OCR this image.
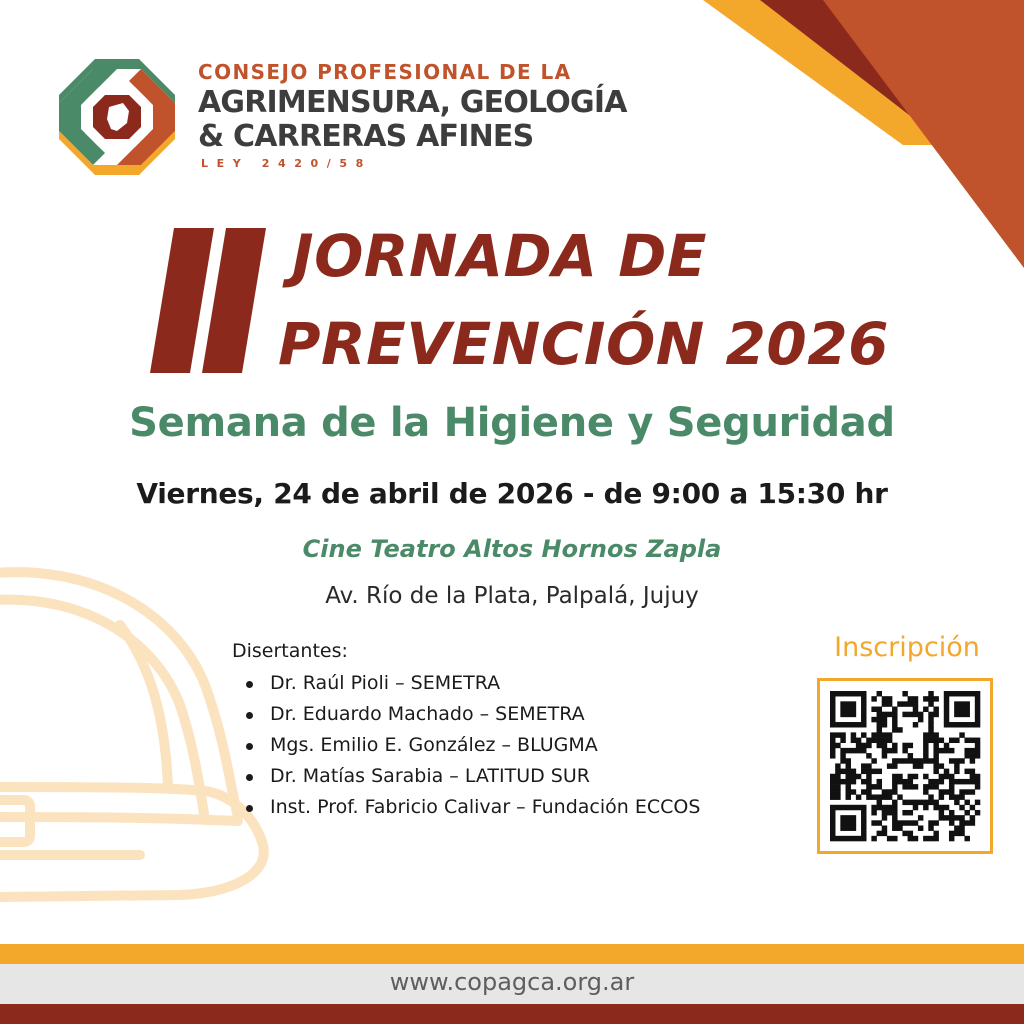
CONSEJO PROFESIONAL DE LA
AGRIMENSURA, GEOLOGÍA
& CARRERAS AFINES
LEY 2420/58
JORNADA DE
PREVENCIÓN 2026
Semana de la Higiene y Seguridad
Viernes, 24 de abril de 2026 - de 9:00 a 15:30 hr
Cine Teatro Altos Hornos Zapla
Av. Río de la Plata, Palpalá, Jujuy
Disertantes:
Dr. Raúl Pioli – SEMETRA
Dr. Eduardo Machado – SEMETRA
Mgs. Emilio E. González – BLUGMA
Dr. Matías Sarabia – LATITUD SUR
Inst. Prof. Fabricio Calivar – Fundación ECCOS
Inscripción
www.copagca.org.ar
